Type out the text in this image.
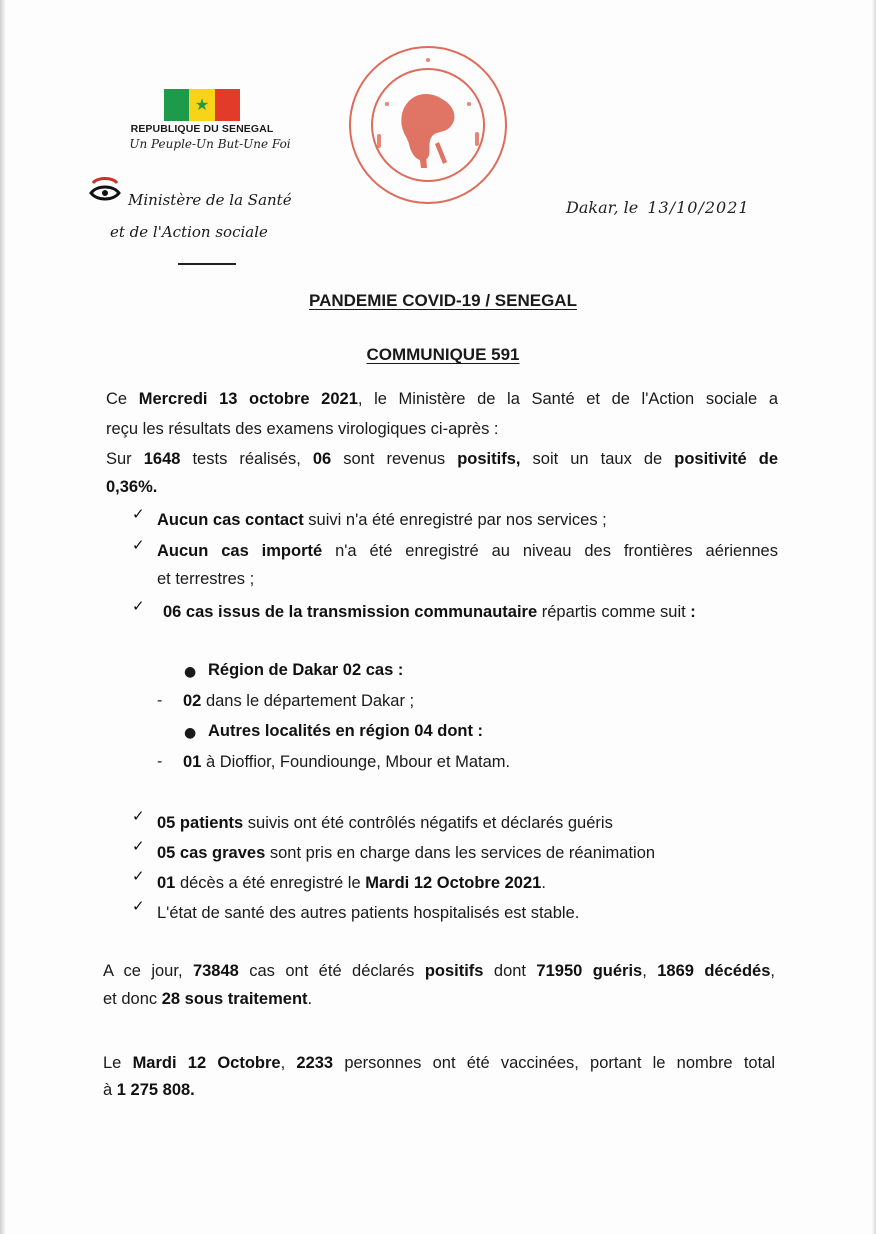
★
REPUBLIQUE DU SENEGAL
Un Peuple-Un But-Une Foi
Ministère de la Santé
et de l'Action sociale
Dakar, le 13/10/2021
PANDEMIE COVID-19 / SENEGAL
COMMUNIQUE 591
Ce Mercredi 13 octobre 2021, le Ministère de la Santé et de l'Action sociale a
reçu les résultats des examens virologiques ci-après :
Sur 1648 tests réalisés, 06 sont revenus positifs, soit un taux de positivité de
0,36%.
✓ Aucun cas contact suivi n'a été enregistré par nos services ;
✓ Aucun cas importé n'a été enregistré au niveau des frontières aériennes
et terrestres ;
✓ 06 cas issus de la transmission communautaire répartis comme suit :
● Région de Dakar 02 cas :
- 02 dans le département Dakar ;
● Autres localités en région 04 dont :
- 01 à Dioffior, Foundiounge, Mbour et Matam.
✓ 05 patients suivis ont été contrôlés négatifs et déclarés guéris
✓ 05 cas graves sont pris en charge dans les services de réanimation
✓ 01 décès a été enregistré le Mardi 12 Octobre 2021.
✓ L'état de santé des autres patients hospitalisés est stable.
A ce jour, 73848 cas ont été déclarés positifs dont 71950 guéris, 1869 décédés,
et donc 28 sous traitement.
Le Mardi 12 Octobre, 2233 personnes ont été vaccinées, portant le nombre total
à 1 275 808.
